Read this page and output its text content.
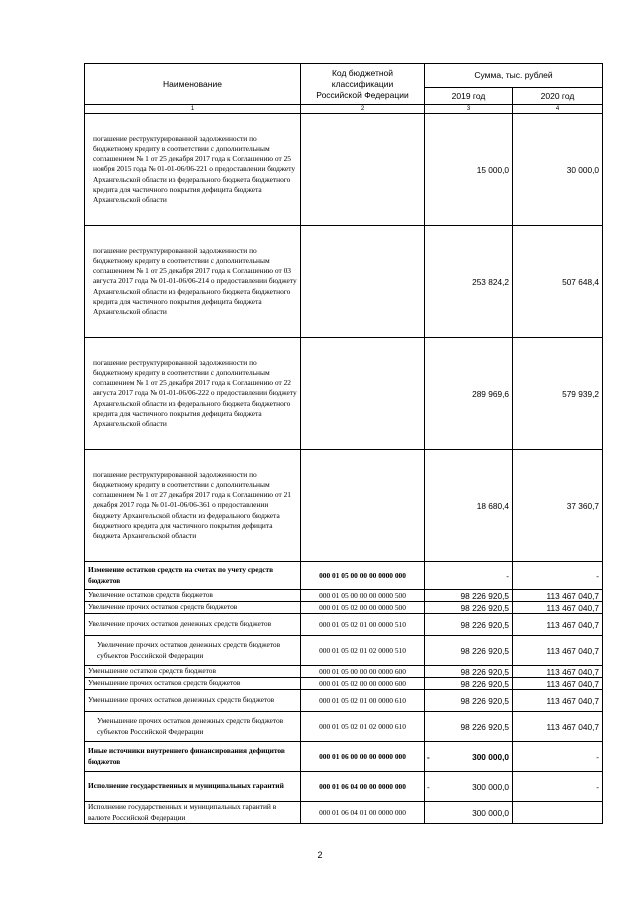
Наименование	Код бюджетной классификации Российской Федерации	Сумма, тыс. рублей	
		2019 год	2020 год
1	2	3	4
погашение реструктурированной задолженности по бюджетному кредиту в соответствии с дополнительным соглашением № 1 от 25 декабря 2017 года к Соглашению от 25 ноября 2015 года № 01-01-06/06-221 о предоставлении бюджету Архангельской области из федерального бюджета бюджетного кредита для частичного покрытия дефицита бюджета Архангельской области		15 000,0	30 000,0
погашение реструктурированной задолженности по бюджетному кредиту в соответствии с дополнительным соглашением № 1 от 25 декабря 2017 года к Соглашению от 03 августа 2017 года № 01-01-06/06-214 о предоставлении бюджету Архангельской области из федерального бюджета бюджетного кредита для частичного покрытия дефицита бюджета Архангельской области		253 824,2	507 648,4
погашение реструктурированной задолженности по бюджетному кредиту в соответствии с дополнительным соглашением № 1 от 25 декабря 2017 года к Соглашению от 22 августа 2017 года № 01-01-06/06-222 о предоставлении бюджету Архангельской области из федерального бюджета бюджетного кредита для частичного покрытия дефицита бюджета Архангельской области		289 969,6	579 939,2
погашение реструктурированной задолженности по бюджетному кредиту в соответствии с дополнительным соглашением № 1 от 27 декабря 2017 года к Соглашению от 21 декабря 2017 года № 01-01-06/06-361 о предоставлении бюджету Архангельской области из федерального бюджета бюджетного кредита для частичного покрытия дефицита бюджета Архангельской области		18 680,4	37 360,7
Изменение остатков средств на счетах по учету средств бюджетов	000 01 05 00 00 00 0000 000	-	-
Увеличение остатков средств бюджетов	000 01 05 00 00 00 0000 500	98 226 920,5	113 467 040,7
Увеличение прочих остатков средств бюджетов	000 01 05 02 00 00 0000 500	98 226 920,5	113 467 040,7
Увеличение прочих остатков денежных средств бюджетов	000 01 05 02 01 00 0000 510	98 226 920,5	113 467 040,7
Увеличение прочих остатков денежных средств бюджетов субъектов Российской Федерации	000 01 05 02 01 02 0000 510	98 226 920,5	113 467 040,7
Уменьшение остатков средств бюджетов	000 01 05 00 00 00 0000 600	98 226 920,5	113 467 040,7
Уменьшение прочих остатков средств бюджетов	000 01 05 02 00 00 0000 600	98 226 920,5	113 467 040,7
Уменьшение прочих остатков денежных средств бюджетов	000 01 05 02 01 00 0000 610	98 226 920,5	113 467 040,7
Уменьшение прочих остатков денежных средств бюджетов субъектов Российской Федерации	000 01 05 02 01 02 0000 610	98 226 920,5	113 467 040,7
Иные источники внутреннего финансирования дефицитов бюджетов	000 01 06 00 00 00 0000 000	- 300 000,0	-
Исполнение государственных и муниципальных гарантий	000 01 06 04 00 00 0000 000	- 300 000,0	-
Исполнение государственных и муниципальных гарантий в валюте Российской Федерации	000 01 06 04 01 00 0000 000	300 000,0	
2
